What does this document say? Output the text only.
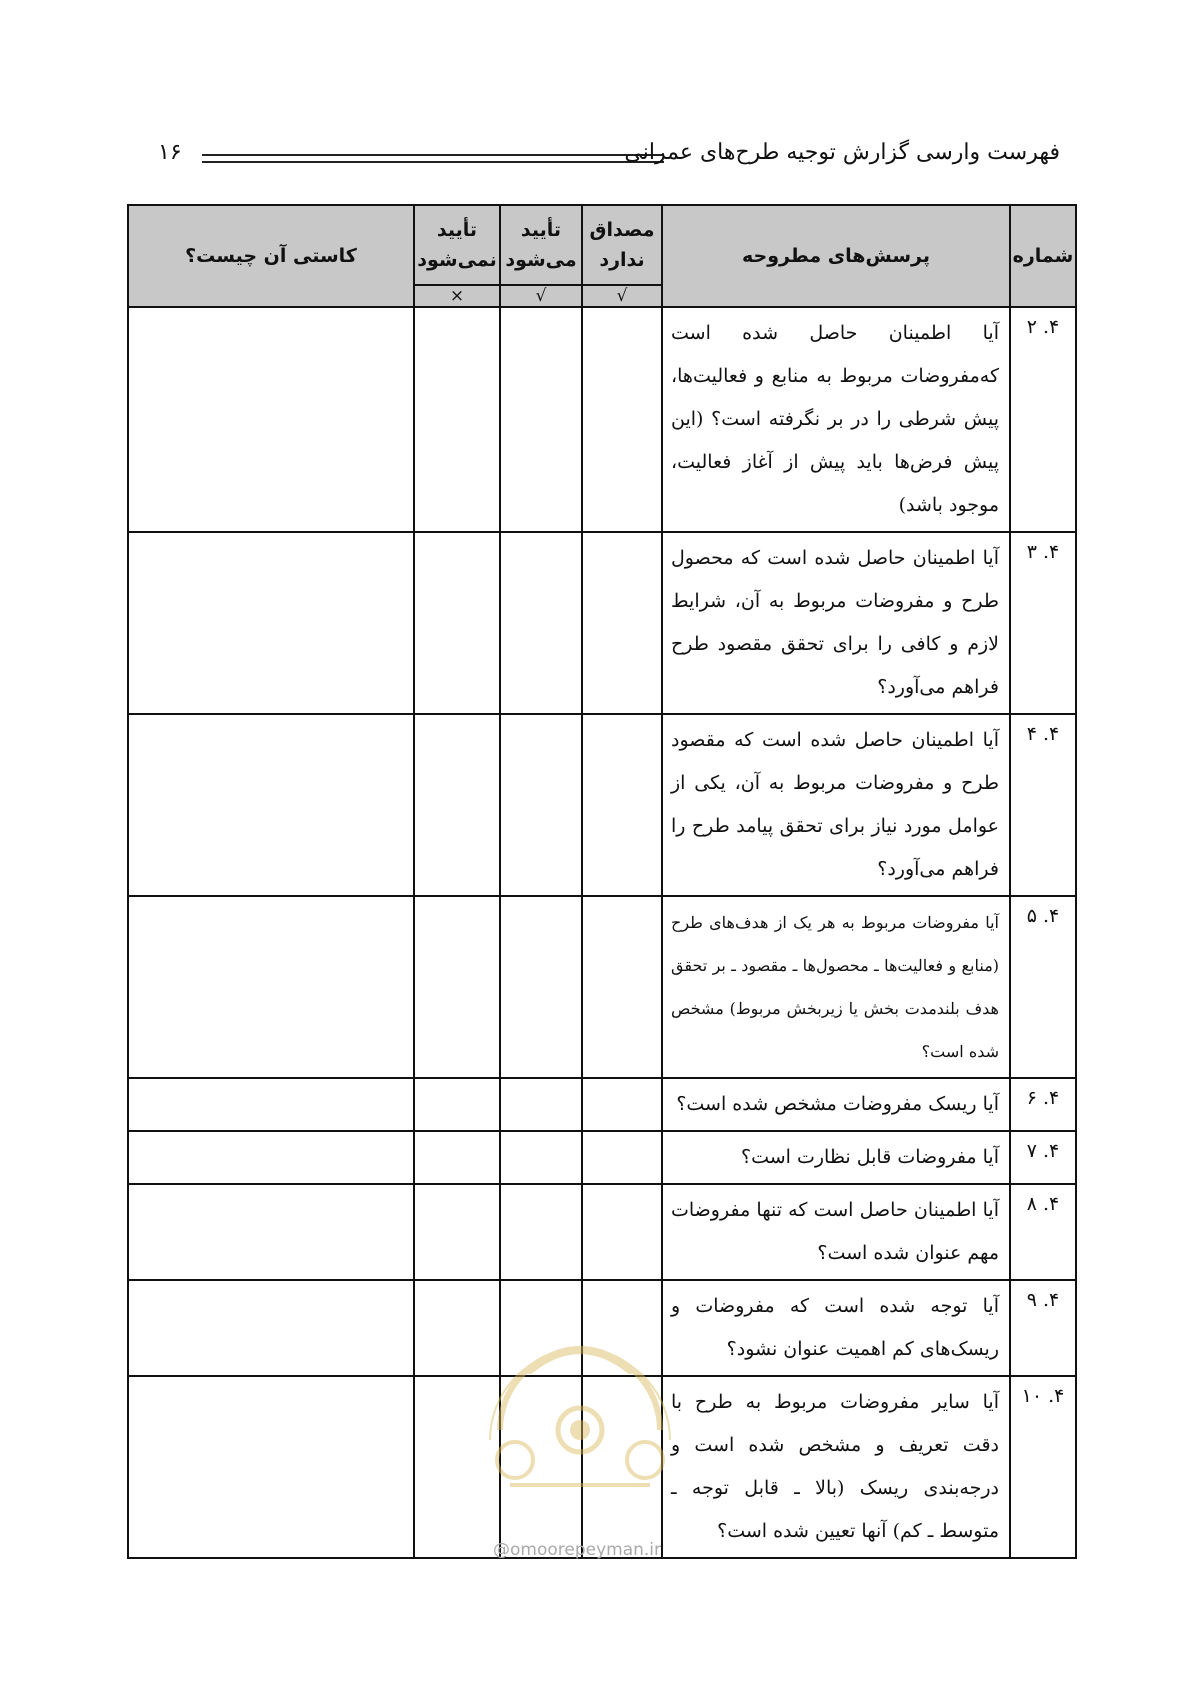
۱۶	فهرست وارسی گزارش توجیه طرح‌های عمرانی
شماره	پرسش‌های مطروحه	مصداق ندارد	تأیید می‌شود	تأیید نمی‌شود	کاستی آن چیست؟
		√	√	×	
۴. ۲	آیا اطمینان حاصل شده است که‌مفروضات مربوط به منابع و فعالیت‌ها، پیش شرطی را در بر نگرفته است؟ (این پیش فرض‌ها باید پیش از آغاز فعالیت، موجود باشد)				
۴. ۳	آیا اطمینان حاصل شده است که محصول طرح و مفروضات مربوط به آن، شرایط لازم و کافی را برای تحقق مقصود طرح فراهم می‌آورد؟				
۴. ۴	آیا اطمینان حاصل شده است که مقصود طرح و مفروضات مربوط به آن، یکی از عوامل مورد نیاز برای تحقق پیامد طرح را فراهم می‌آورد؟				
۴. ۵	آیا مفروضات مربوط به هر یک از هدف‌های طرح (منابع و فعالیت‌ها ـ محصول‌ها ـ مقصود ـ بر تحقق هدف بلندمدت بخش یا زیربخش مربوط) مشخص شده است؟				
۴. ۶	آیا ریسک مفروضات مشخص شده است؟				
۴. ۷	آیا مفروضات قابل نظارت است؟				
۴. ۸	آیا اطمینان حاصل است که تنها مفروضات مهم عنوان شده است؟				
۴. ۹	آیا توجه شده است که مفروضات و ریسک‌های کم اهمیت عنوان نشود؟				
۴. ۱۰	آیا سایر مفروضات مربوط به طرح با دقت تعریف و مشخص شده است و درجه‌بندی ریسک (بالا ـ قابل توجه ـ متوسط ـ کم) آنها تعیین شده است؟				
@omoorepeyman.ir
